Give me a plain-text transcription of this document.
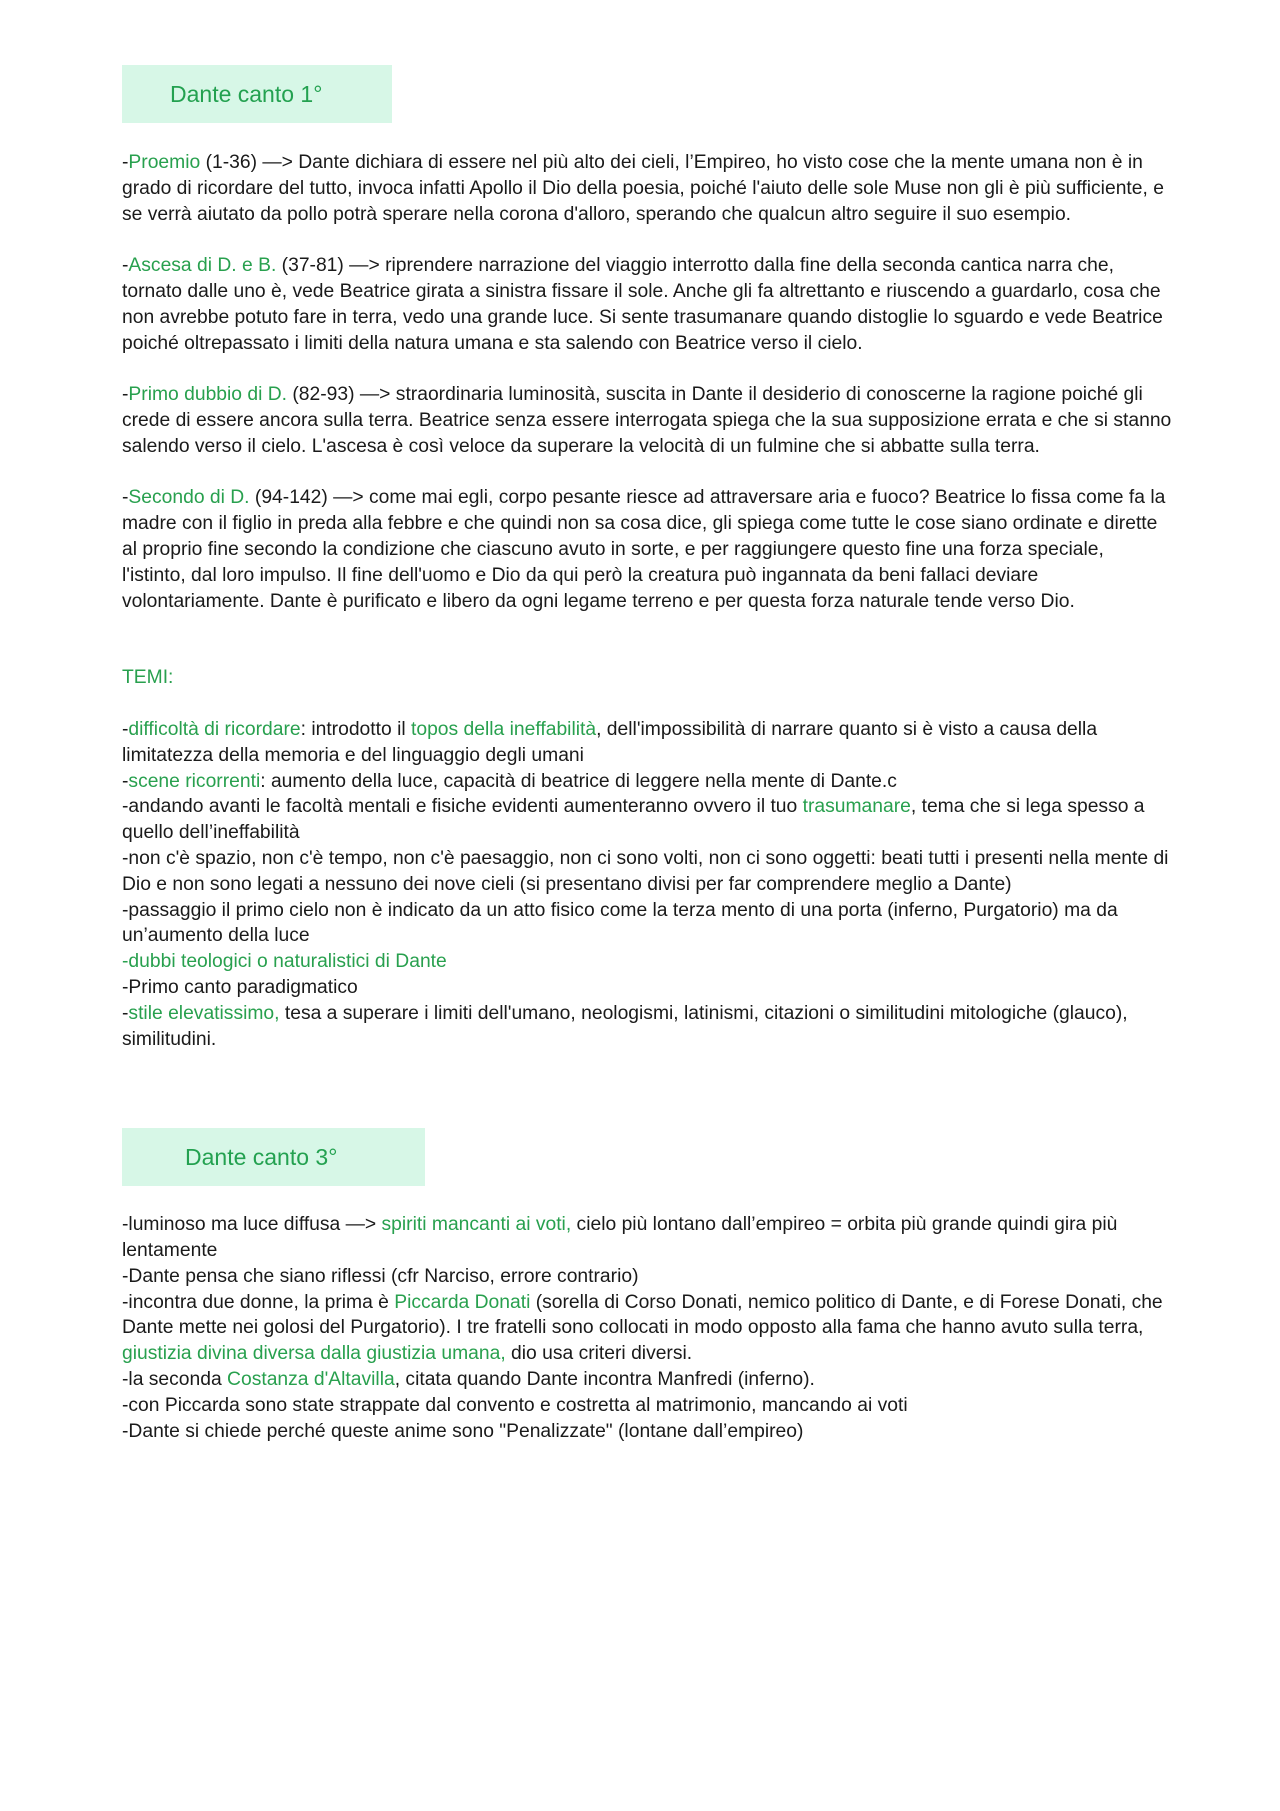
Dante canto 1°

-Proemio (1-36) —> Dante dichiara di essere nel più alto dei cieli, l’Empireo, ho visto cose che la mente umana non è in grado di ricordare del tutto, invoca infatti Apollo il Dio della poesia, poiché l'aiuto delle sole Muse non gli è più sufficiente, e se verrà aiutato da pollo potrà sperare nella corona d'alloro, sperando che qualcun altro seguire il suo esempio.

-Ascesa di D. e B. (37-81) —> riprendere narrazione del viaggio interrotto dalla fine della seconda cantica narra che, tornato dalle uno è, vede Beatrice girata a sinistra fissare il sole. Anche gli fa altrettanto e riuscendo a guardarlo, cosa che non avrebbe potuto fare in terra, vedo una grande luce. Si sente trasumanare quando distoglie lo sguardo e vede Beatrice poiché oltrepassato i limiti della natura umana e sta salendo con Beatrice verso il cielo.

-Primo dubbio di D. (82-93) —> straordinaria luminosità, suscita in Dante il desiderio di conoscerne la ragione poiché gli crede di essere ancora sulla terra. Beatrice senza essere interrogata spiega che la sua supposizione errata e che si stanno salendo verso il cielo. L'ascesa è così veloce da superare la velocità di un fulmine che si abbatte sulla terra.

-Secondo di D. (94-142) —> come mai egli, corpo pesante riesce ad attraversare aria e fuoco? Beatrice lo fissa come fa la madre con il figlio in preda alla febbre e che quindi non sa cosa dice, gli spiega come tutte le cose siano ordinate e dirette al proprio fine secondo la condizione che ciascuno avuto in sorte, e per raggiungere questo fine una forza speciale, l'istinto, dal loro impulso. Il fine dell'uomo e Dio da qui però la creatura può ingannata da beni fallaci deviare volontariamente. Dante è purificato e libero da ogni legame terreno e per questa forza naturale tende verso Dio.

TEMI:

-difficoltà di ricordare: introdotto il topos della ineffabilità, dell'impossibilità di narrare quanto si è visto a causa della limitatezza della memoria e del linguaggio degli umani

-scene ricorrenti: aumento della luce, capacità di beatrice di leggere nella mente di Dante.c

-andando avanti le facoltà mentali e fisiche evidenti aumenteranno ovvero il tuo trasumanare, tema che si lega spesso a quello dell’ineffabilità

-non c'è spazio, non c'è tempo, non c'è paesaggio, non ci sono volti, non ci sono oggetti: beati tutti i presenti nella mente di Dio e non sono legati a nessuno dei nove cieli (si presentano divisi per far comprendere meglio a Dante)

-passaggio il primo cielo non è indicato da un atto fisico come la terza mento di una porta (inferno, Purgatorio) ma da un’aumento della luce

-dubbi teologici o naturalistici di Dante

-Primo canto paradigmatico

-stile elevatissimo, tesa a superare i limiti dell'umano, neologismi, latinismi, citazioni o similitudini mitologiche (glauco), similitudini.

Dante canto 3°

-luminoso ma luce diffusa —> spiriti mancanti ai voti, cielo più lontano dall’empireo = orbita più grande quindi gira più lentamente

-Dante pensa che siano riflessi (cfr Narciso, errore contrario)

-incontra due donne, la prima è Piccarda Donati (sorella di Corso Donati, nemico politico di Dante, e di Forese Donati, che Dante mette nei golosi del Purgatorio). I tre fratelli sono collocati in modo opposto alla fama che hanno avuto sulla terra, giustizia divina diversa dalla giustizia umana, dio usa criteri diversi.

-la seconda Costanza d'Altavilla, citata quando Dante incontra Manfredi (inferno).

-con Piccarda sono state strappate dal convento e costretta al matrimonio, mancando ai voti

-Dante si chiede perché queste anime sono "Penalizzate" (lontane dall’empireo)
